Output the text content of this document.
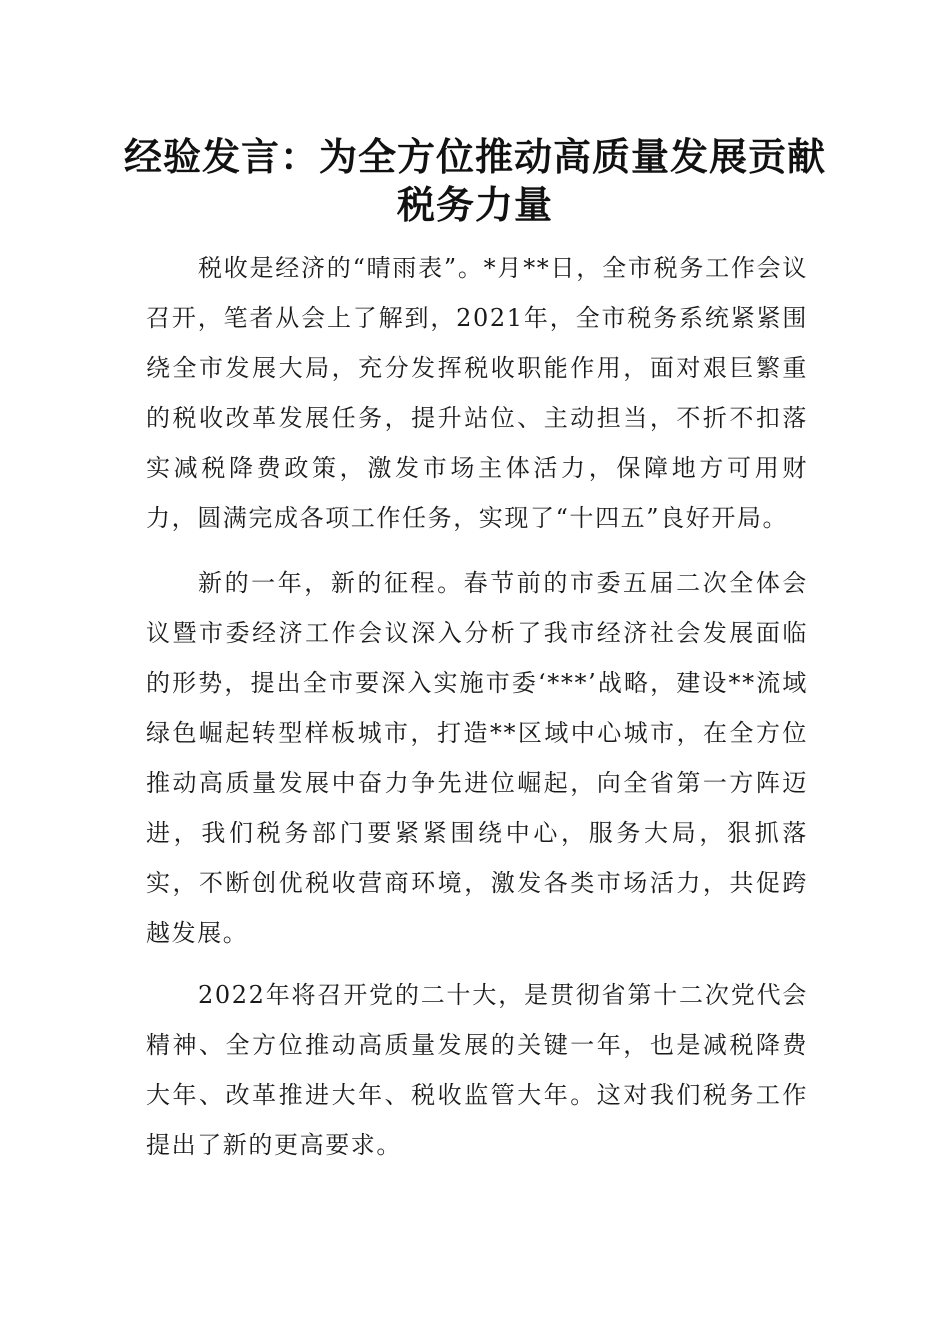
经验发言：为全方位推动高质量发展贡献
税务力量

税收是经济的“晴雨表”。*月**日，全市税务工作会议召开，笔者从会上了解到，2021年，全市税务系统紧紧围绕全市发展大局，充分发挥税收职能作用，面对艰巨繁重的税收改革发展任务，提升站位、主动担当，不折不扣落实减税降费政策，激发市场主体活力，保障地方可用财力，圆满完成各项工作任务，实现了“十四五”良好开局。

新的一年，新的征程。春节前的市委五届二次全体会议暨市委经济工作会议深入分析了我市经济社会发展面临的形势，提出全市要深入实施市委‘***’战略，建设**流域绿色崛起转型样板城市，打造**区域中心城市，在全方位推动高质量发展中奋力争先进位崛起，向全省第一方阵迈进，我们税务部门要紧紧围绕中心，服务大局，狠抓落实，不断创优税收营商环境，激发各类市场活力，共促跨越发展。

2022年将召开党的二十大，是贯彻省第十二次党代会精神、全方位推动高质量发展的关键一年，也是减税降费大年、改革推进大年、税收监管大年。这对我们税务工作提出了新的更高要求。
